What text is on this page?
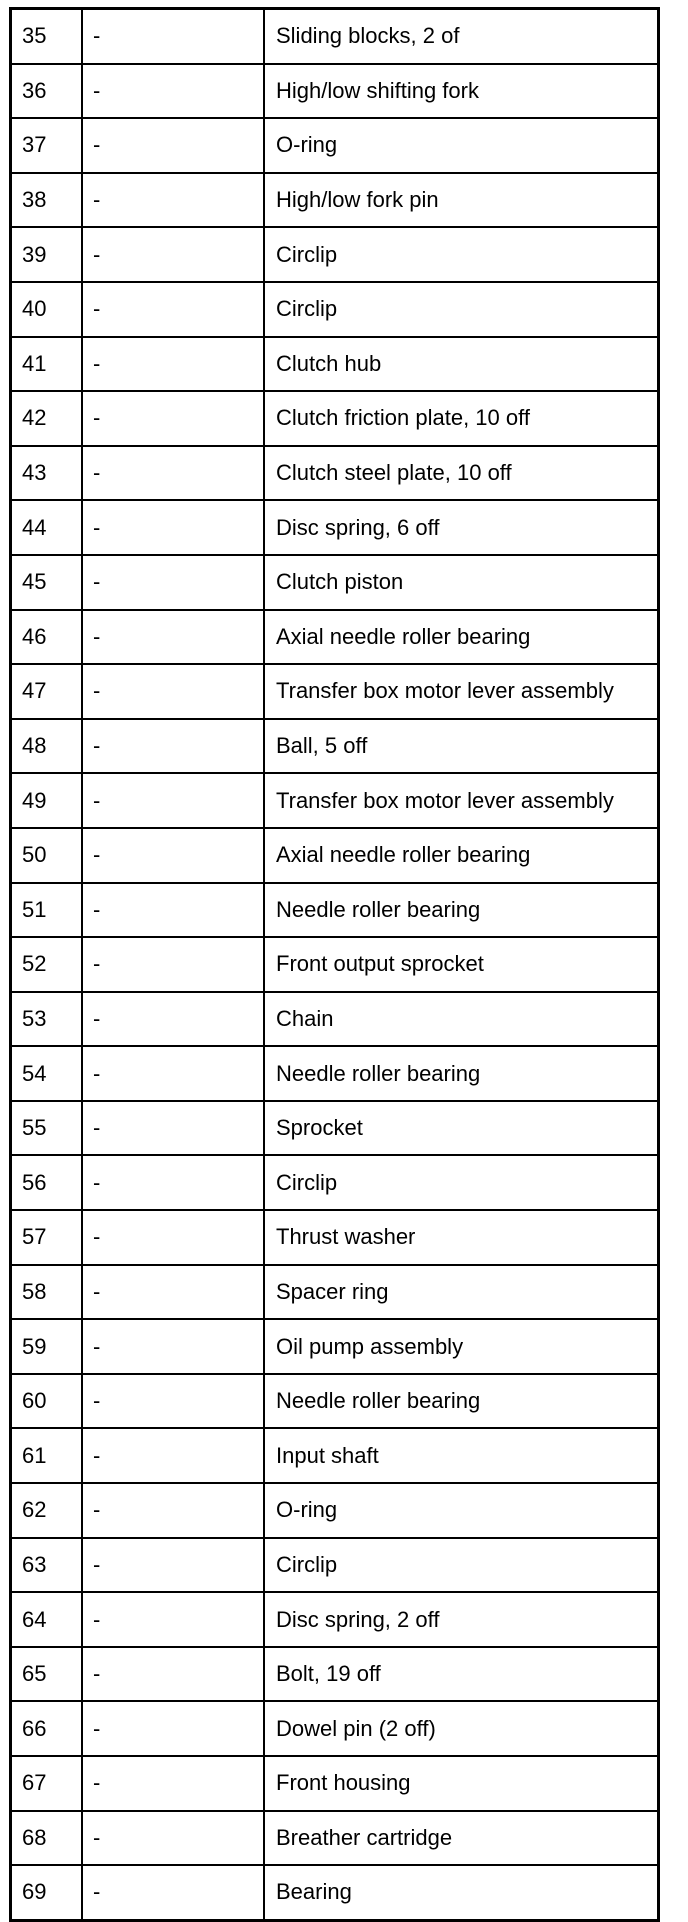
35	-	Sliding blocks, 2 of
36	-	High/low shifting fork
37	-	O-ring
38	-	High/low fork pin
39	-	Circlip
40	-	Circlip
41	-	Clutch hub
42	-	Clutch friction plate, 10 off
43	-	Clutch steel plate, 10 off
44	-	Disc spring, 6 off
45	-	Clutch piston
46	-	Axial needle roller bearing
47	-	Transfer box motor lever assembly
48	-	Ball, 5 off
49	-	Transfer box motor lever assembly
50	-	Axial needle roller bearing
51	-	Needle roller bearing
52	-	Front output sprocket
53	-	Chain
54	-	Needle roller bearing
55	-	Sprocket
56	-	Circlip
57	-	Thrust washer
58	-	Spacer ring
59	-	Oil pump assembly
60	-	Needle roller bearing
61	-	Input shaft
62	-	O-ring
63	-	Circlip
64	-	Disc spring, 2 off
65	-	Bolt, 19 off
66	-	Dowel pin (2 off)
67	-	Front housing
68	-	Breather cartridge
69	-	Bearing
